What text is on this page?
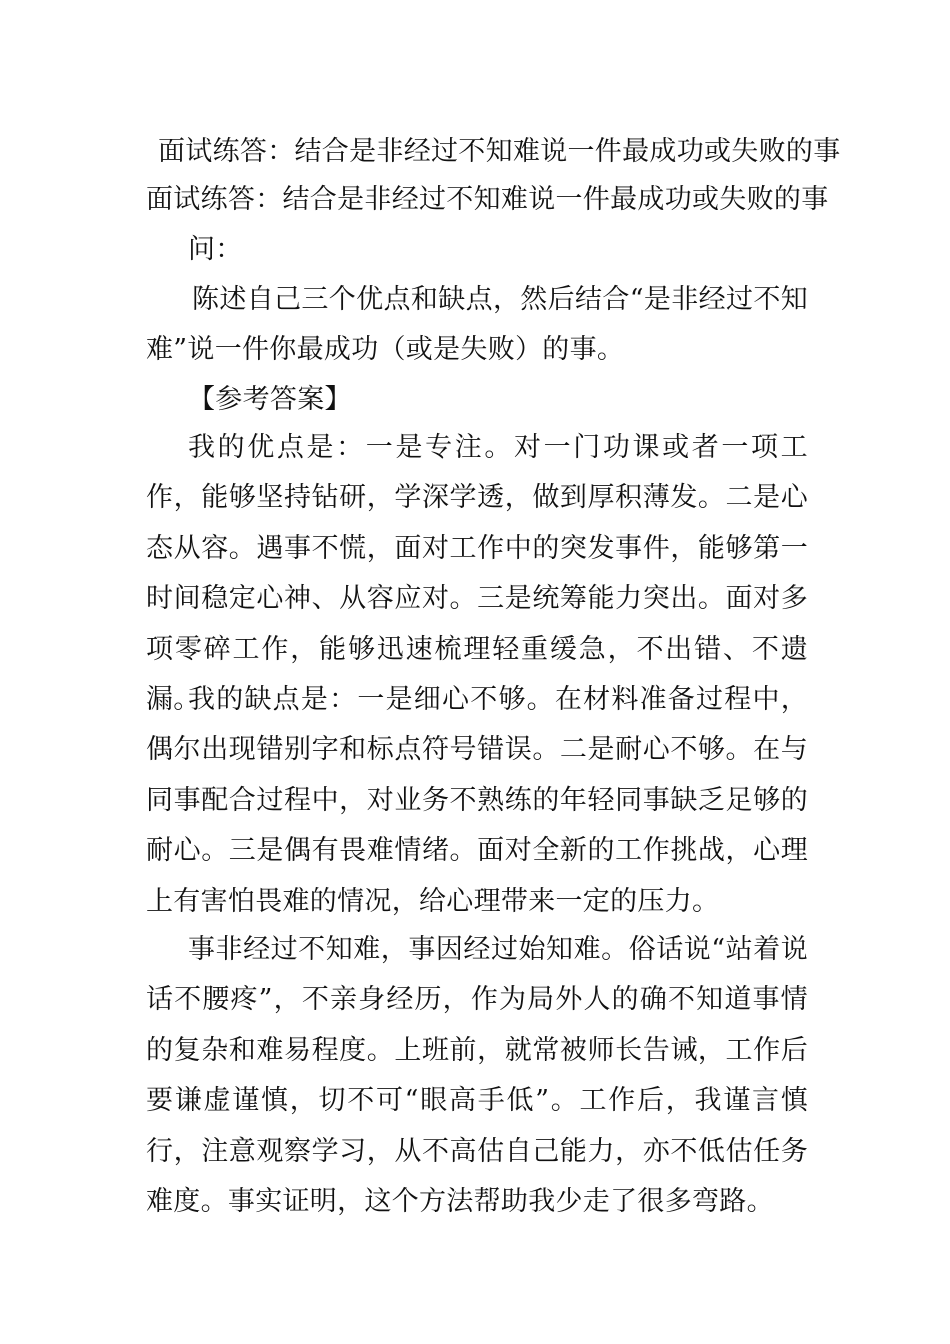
面试练答：结合是非经过不知难说一件最成功或失败的事
面试练答：结合是非经过不知难说一件最成功或失败的事
问：
陈述自己三个优点和缺点，然后结合“是非经过不知难”说一件你最成功（或是失败）的事。
【参考答案】
我的优点是：一是专注。对一门功课或者一项工作，能够坚持钻研，学深学透，做到厚积薄发。二是心态从容。遇事不慌，面对工作中的突发事件，能够第一时间稳定心神、从容应对。三是统筹能力突出。面对多项零碎工作，能够迅速梳理轻重缓急，不出错、不遗漏。
我的缺点是：一是细心不够。在材料准备过程中，偶尔出现错别字和标点符号错误。二是耐心不够。在与同事配合过程中，对业务不熟练的年轻同事缺乏足够的耐心。三是偶有畏难情绪。面对全新的工作挑战，心理上有害怕畏难的情况，给心理带来一定的压力。
事非经过不知难，事因经过始知难。俗话说“站着说话不腰疼”，不亲身经历，作为局外人的确不知道事情的复杂和难易程度。上班前，就常被师长告诫，工作后要谦虚谨慎，切不可“眼高手低”。工作后，我谨言慎行，注意观察学习，从不高估自己能力，亦不低估任务难度。事实证明，这个方法帮助我少走了很多弯路。
